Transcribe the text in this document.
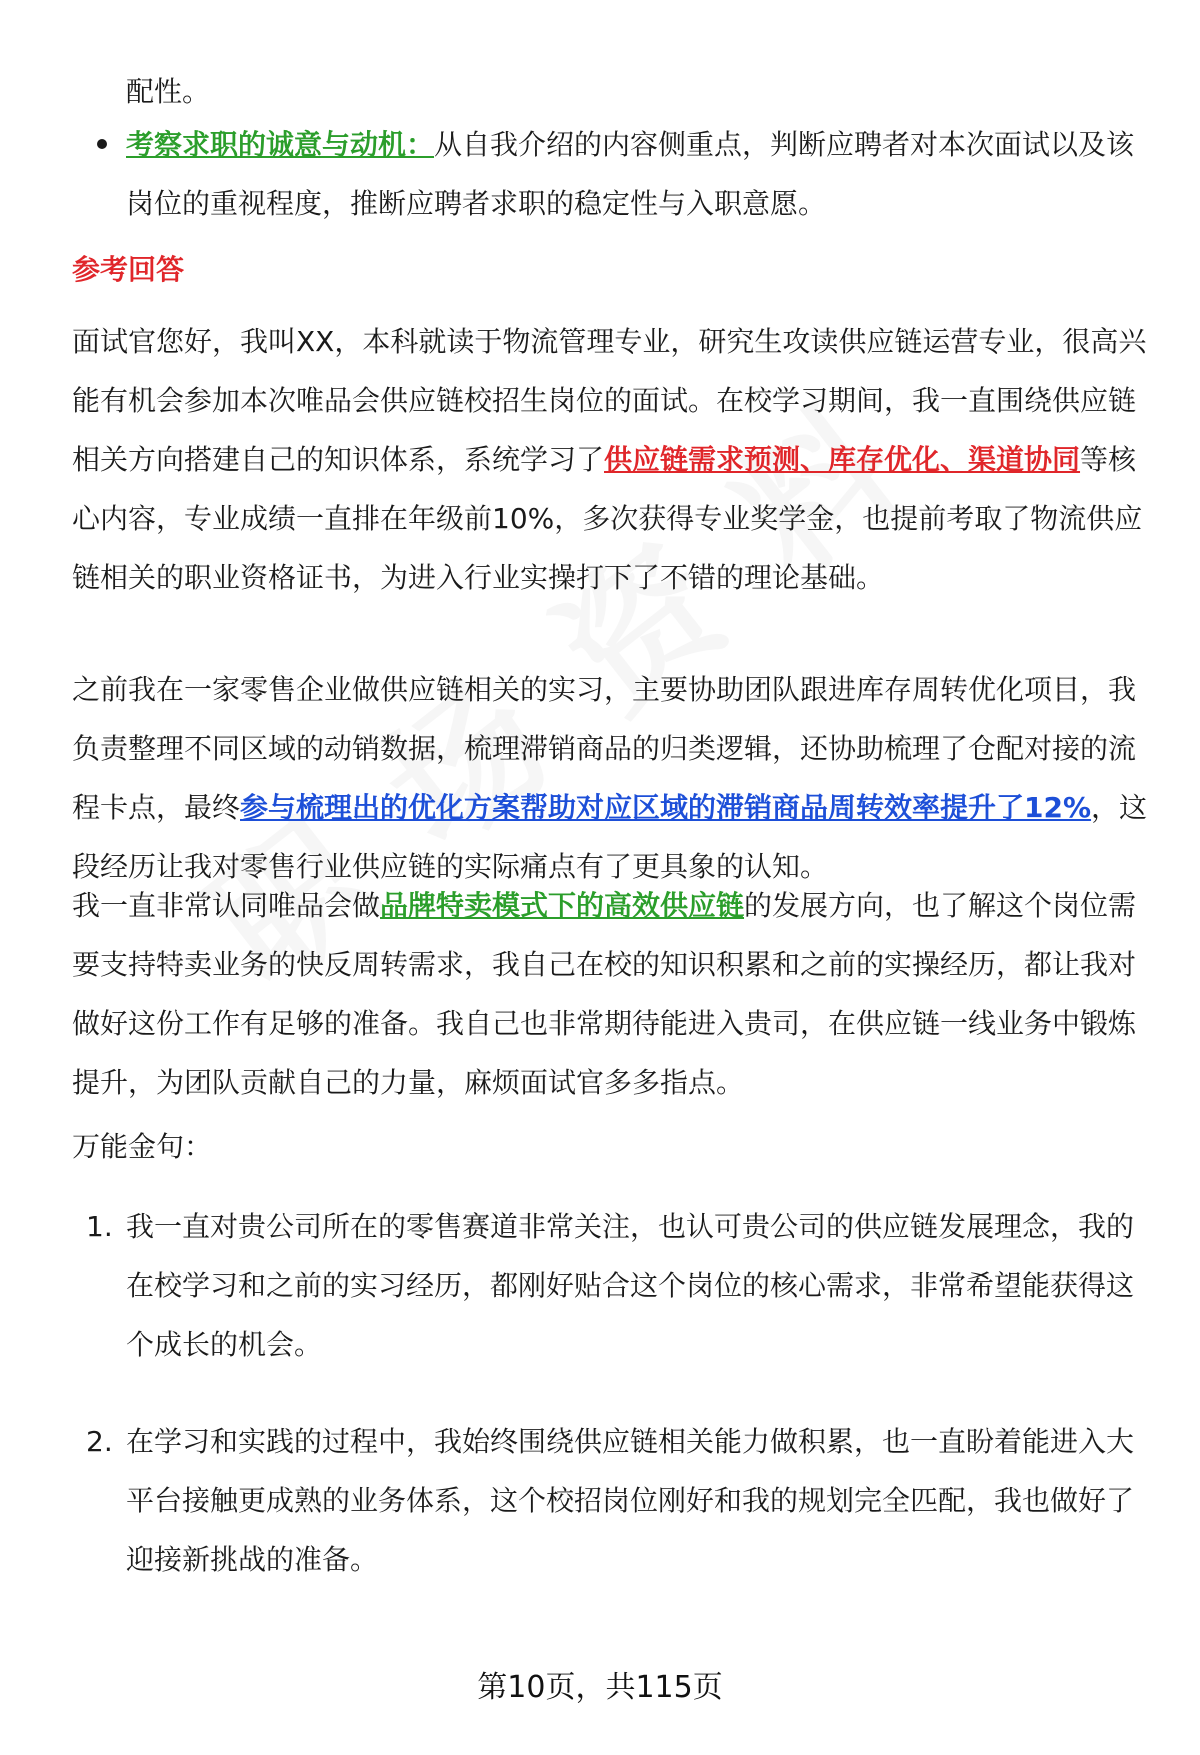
配性。

考察求职的诚意与动机：从自我介绍的内容侧重点，判断应聘者对本次面试以及该岗位的重视程度，推断应聘者求职的稳定性与入职意愿。

参考回答

面试官您好，我叫XX，本科就读于物流管理专业，研究生攻读供应链运营专业，很高兴能有机会参加本次唯品会供应链校招生岗位的面试。在校学习期间，我一直围绕供应链相关方向搭建自己的知识体系，系统学习了供应链需求预测、库存优化、渠道协同等核心内容，专业成绩一直排在年级前10%，多次获得专业奖学金，也提前考取了物流供应链相关的职业资格证书，为进入行业实操打下了不错的理论基础。

之前我在一家零售企业做供应链相关的实习，主要协助团队跟进库存周转优化项目，我负责整理不同区域的动销数据，梳理滞销商品的归类逻辑，还协助梳理了仓配对接的流程卡点，最终参与梳理出的优化方案帮助对应区域的滞销商品周转效率提升了12%，这段经历让我对零售行业供应链的实际痛点有了更具象的认知。

我一直非常认同唯品会做品牌特卖模式下的高效供应链的发展方向，也了解这个岗位需要支持特卖业务的快反周转需求，我自己在校的知识积累和之前的实操经历，都让我对做好这份工作有足够的准备。我自己也非常期待能进入贵司，在供应链一线业务中锻炼提升，为团队贡献自己的力量，麻烦面试官多多指点。

万能金句：

1. 我一直对贵公司所在的零售赛道非常关注，也认可贵公司的供应链发展理念，我的在校学习和之前的实习经历，都刚好贴合这个岗位的核心需求，非常希望能获得这个成长的机会。

2. 在学习和实践的过程中，我始终围绕供应链相关能力做积累，也一直盼着能进入大平台接触更成熟的业务体系，这个校招岗位刚好和我的规划完全匹配，我也做好了迎接新挑战的准备。

第10页，共115页
